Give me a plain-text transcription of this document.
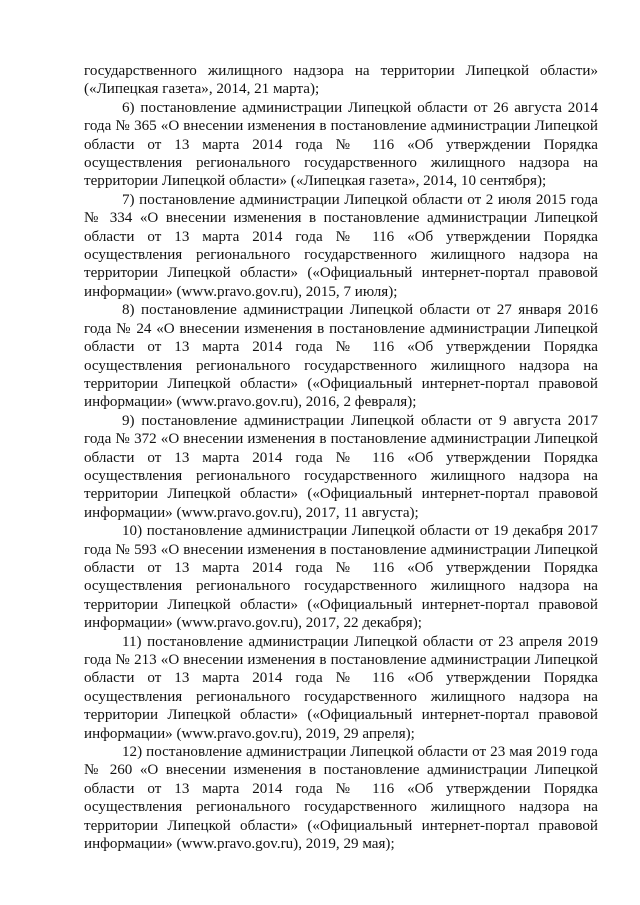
государственного жилищного надзора на территории Липецкой области» («Липецкая газета», 2014, 21 марта);

6) постановление администрации Липецкой области от 26 августа 2014 года № 365 «О внесении изменения в постановление администрации Липецкой области от 13 марта 2014 года № 116 «Об утверждении Порядка осуществления регионального государственного жилищного надзора на территории Липецкой области» («Липецкая газета», 2014, 10 сентября);

7) постановление администрации Липецкой области от 2 июля 2015 года № 334 «О внесении изменения в постановление администрации Липецкой области от 13 марта 2014 года № 116 «Об утверждении Порядка осуществления регионального государственного жилищного надзора на территории Липецкой области» («Официальный интернет-портал правовой информации» (www.pravo.gov.ru), 2015, 7 июля);

8) постановление администрации Липецкой области от 27 января 2016 года № 24 «О внесении изменения в постановление администрации Липецкой области от 13 марта 2014 года № 116 «Об утверждении Порядка осуществления регионального государственного жилищного надзора на территории Липецкой области» («Официальный интернет-портал правовой информации» (www.pravo.gov.ru), 2016, 2 февраля);

9) постановление администрации Липецкой области от 9 августа 2017 года № 372 «О внесении изменения в постановление администрации Липецкой области от 13 марта 2014 года № 116 «Об утверждении Порядка осуществления регионального государственного жилищного надзора на территории Липецкой области» («Официальный интернет-портал правовой информации» (www.pravo.gov.ru), 2017, 11 августа);

10) постановление администрации Липецкой области от 19 декабря 2017 года № 593 «О внесении изменения в постановление администрации Липецкой области от 13 марта 2014 года № 116 «Об утверждении Порядка осуществления регионального государственного жилищного надзора на территории Липецкой области» («Официальный интернет-портал правовой информации» (www.pravo.gov.ru), 2017, 22 декабря);

11) постановление администрации Липецкой области от 23 апреля 2019 года № 213 «О внесении изменения в постановление администрации Липецкой области от 13 марта 2014 года № 116 «Об утверждении Порядка осуществления регионального государственного жилищного надзора на территории Липецкой области» («Официальный интернет-портал правовой информации» (www.pravo.gov.ru), 2019, 29 апреля);

12) постановление администрации Липецкой области от 23 мая 2019 года № 260 «О внесении изменения в постановление администрации Липецкой области от 13 марта 2014 года № 116 «Об утверждении Порядка осуществления регионального государственного жилищного надзора на территории Липецкой области» («Официальный интернет-портал правовой информации» (www.pravo.gov.ru), 2019, 29 мая);
